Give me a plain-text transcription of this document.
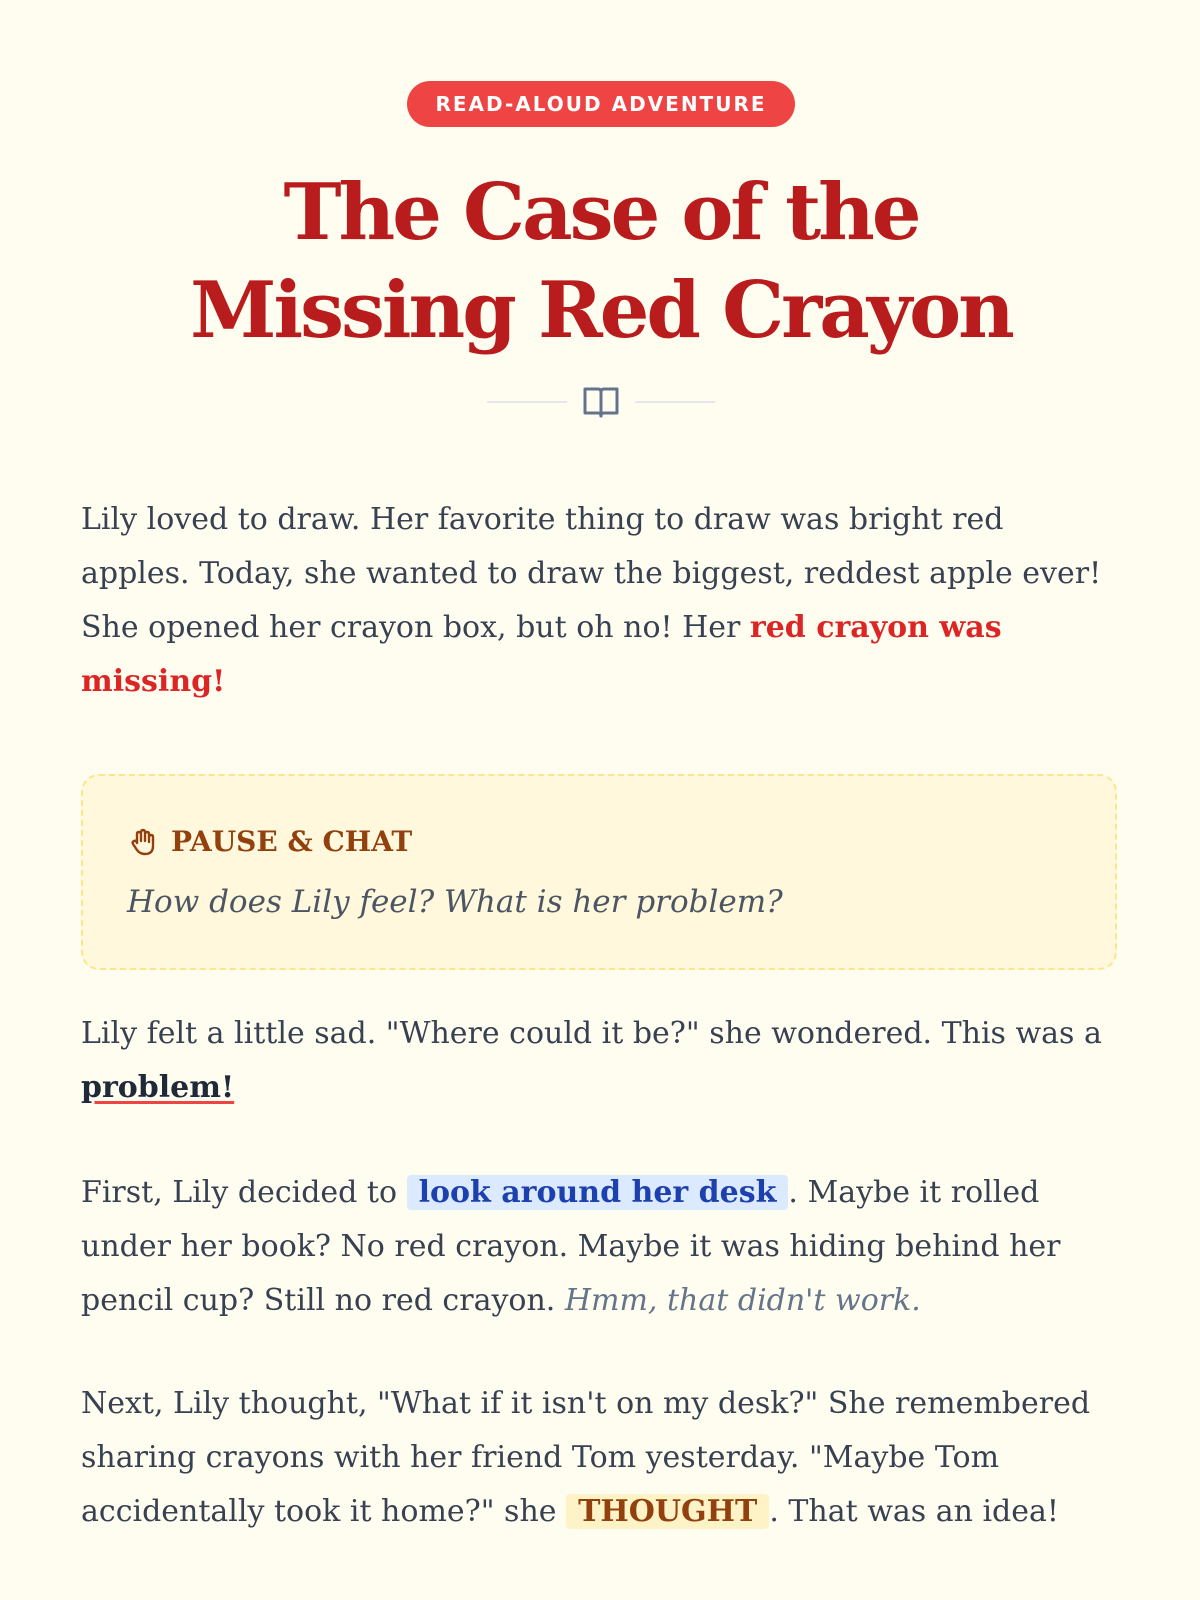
READ-ALOUD ADVENTURE
The Case of the
Missing Red Crayon

Lily loved to draw. Her favorite thing to draw was bright red apples. Today, she wanted to draw the biggest, reddest apple ever! She opened her crayon box, but oh no! Her red crayon was missing!

PAUSE & CHAT

How does Lily feel? What is her problem?

Lily felt a little sad. "Where could it be?" she wondered. This was a problem!

First, Lily decided to look around her desk . Maybe it rolled under her book? No red crayon. Maybe it was hiding behind her pencil cup? Still no red crayon. Hmm, that didn't work.

Next, Lily thought, "What if it isn't on my desk?" She remembered sharing crayons with her friend Tom yesterday. "Maybe Tom accidentally took it home?" she THOUGHT . That was an idea!
